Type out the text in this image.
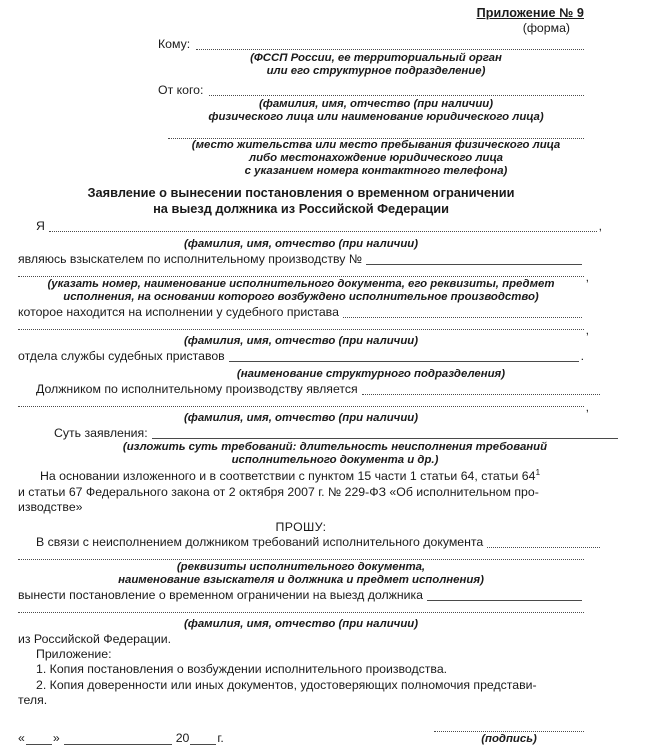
Приложение № 9
(форма)
Кому:
(ФССП России, ее территориальный орган
или его структурное подразделение)
От кого:
(фамилия, имя, отчество (при наличии)
физического лица или наименование юридического лица)
(место жительства или место пребывания физического лица
либо местонахождение юридического лица
с указанием номера контактного телефона)
Заявление о вынесении постановления о временном ограничении
на выезд должника из Российской Федерации
Я	,
(фамилия, имя, отчество (при наличии)
являюсь взыскателем по исполнительному производству №
,
(указать номер, наименование исполнительного документа, его реквизиты, предмет
исполнения, на основании которого возбуждено исполнительное производство)
которое находится на исполнении у судебного пристава
,
(фамилия, имя, отчество (при наличии)
отдела службы судебных приставов	.
(наименование структурного подразделения)
Должником по исполнительному производству является
,
(фамилия, имя, отчество (при наличии)
Суть заявления:
(изложить суть требований: длительность неисполнения требований
исполнительного документа и др.)
На основании изложенного и в соответствии с пунктом 15 части 1 статьи 64, статьи $64^1$
и статьи 67 Федерального закона от 2 октября 2007 г. № 229-ФЗ «Об исполнительном про-
изводстве»
ПРОШУ:
В связи с неисполнением должником требований исполнительного документа
(реквизиты исполнительного документа,
наименование взыскателя и должника и предмет исполнения)
вынести постановление о временном ограничении на выезд должника
(фамилия, имя, отчество (при наличии)
из Российской Федерации.
Приложение:
1. Копия постановления о возбуждении исполнительного производства.
2. Копия доверенности или иных документов, удостоверяющих полномочия представи-
теля.
« »	20 г.	(подпись)
